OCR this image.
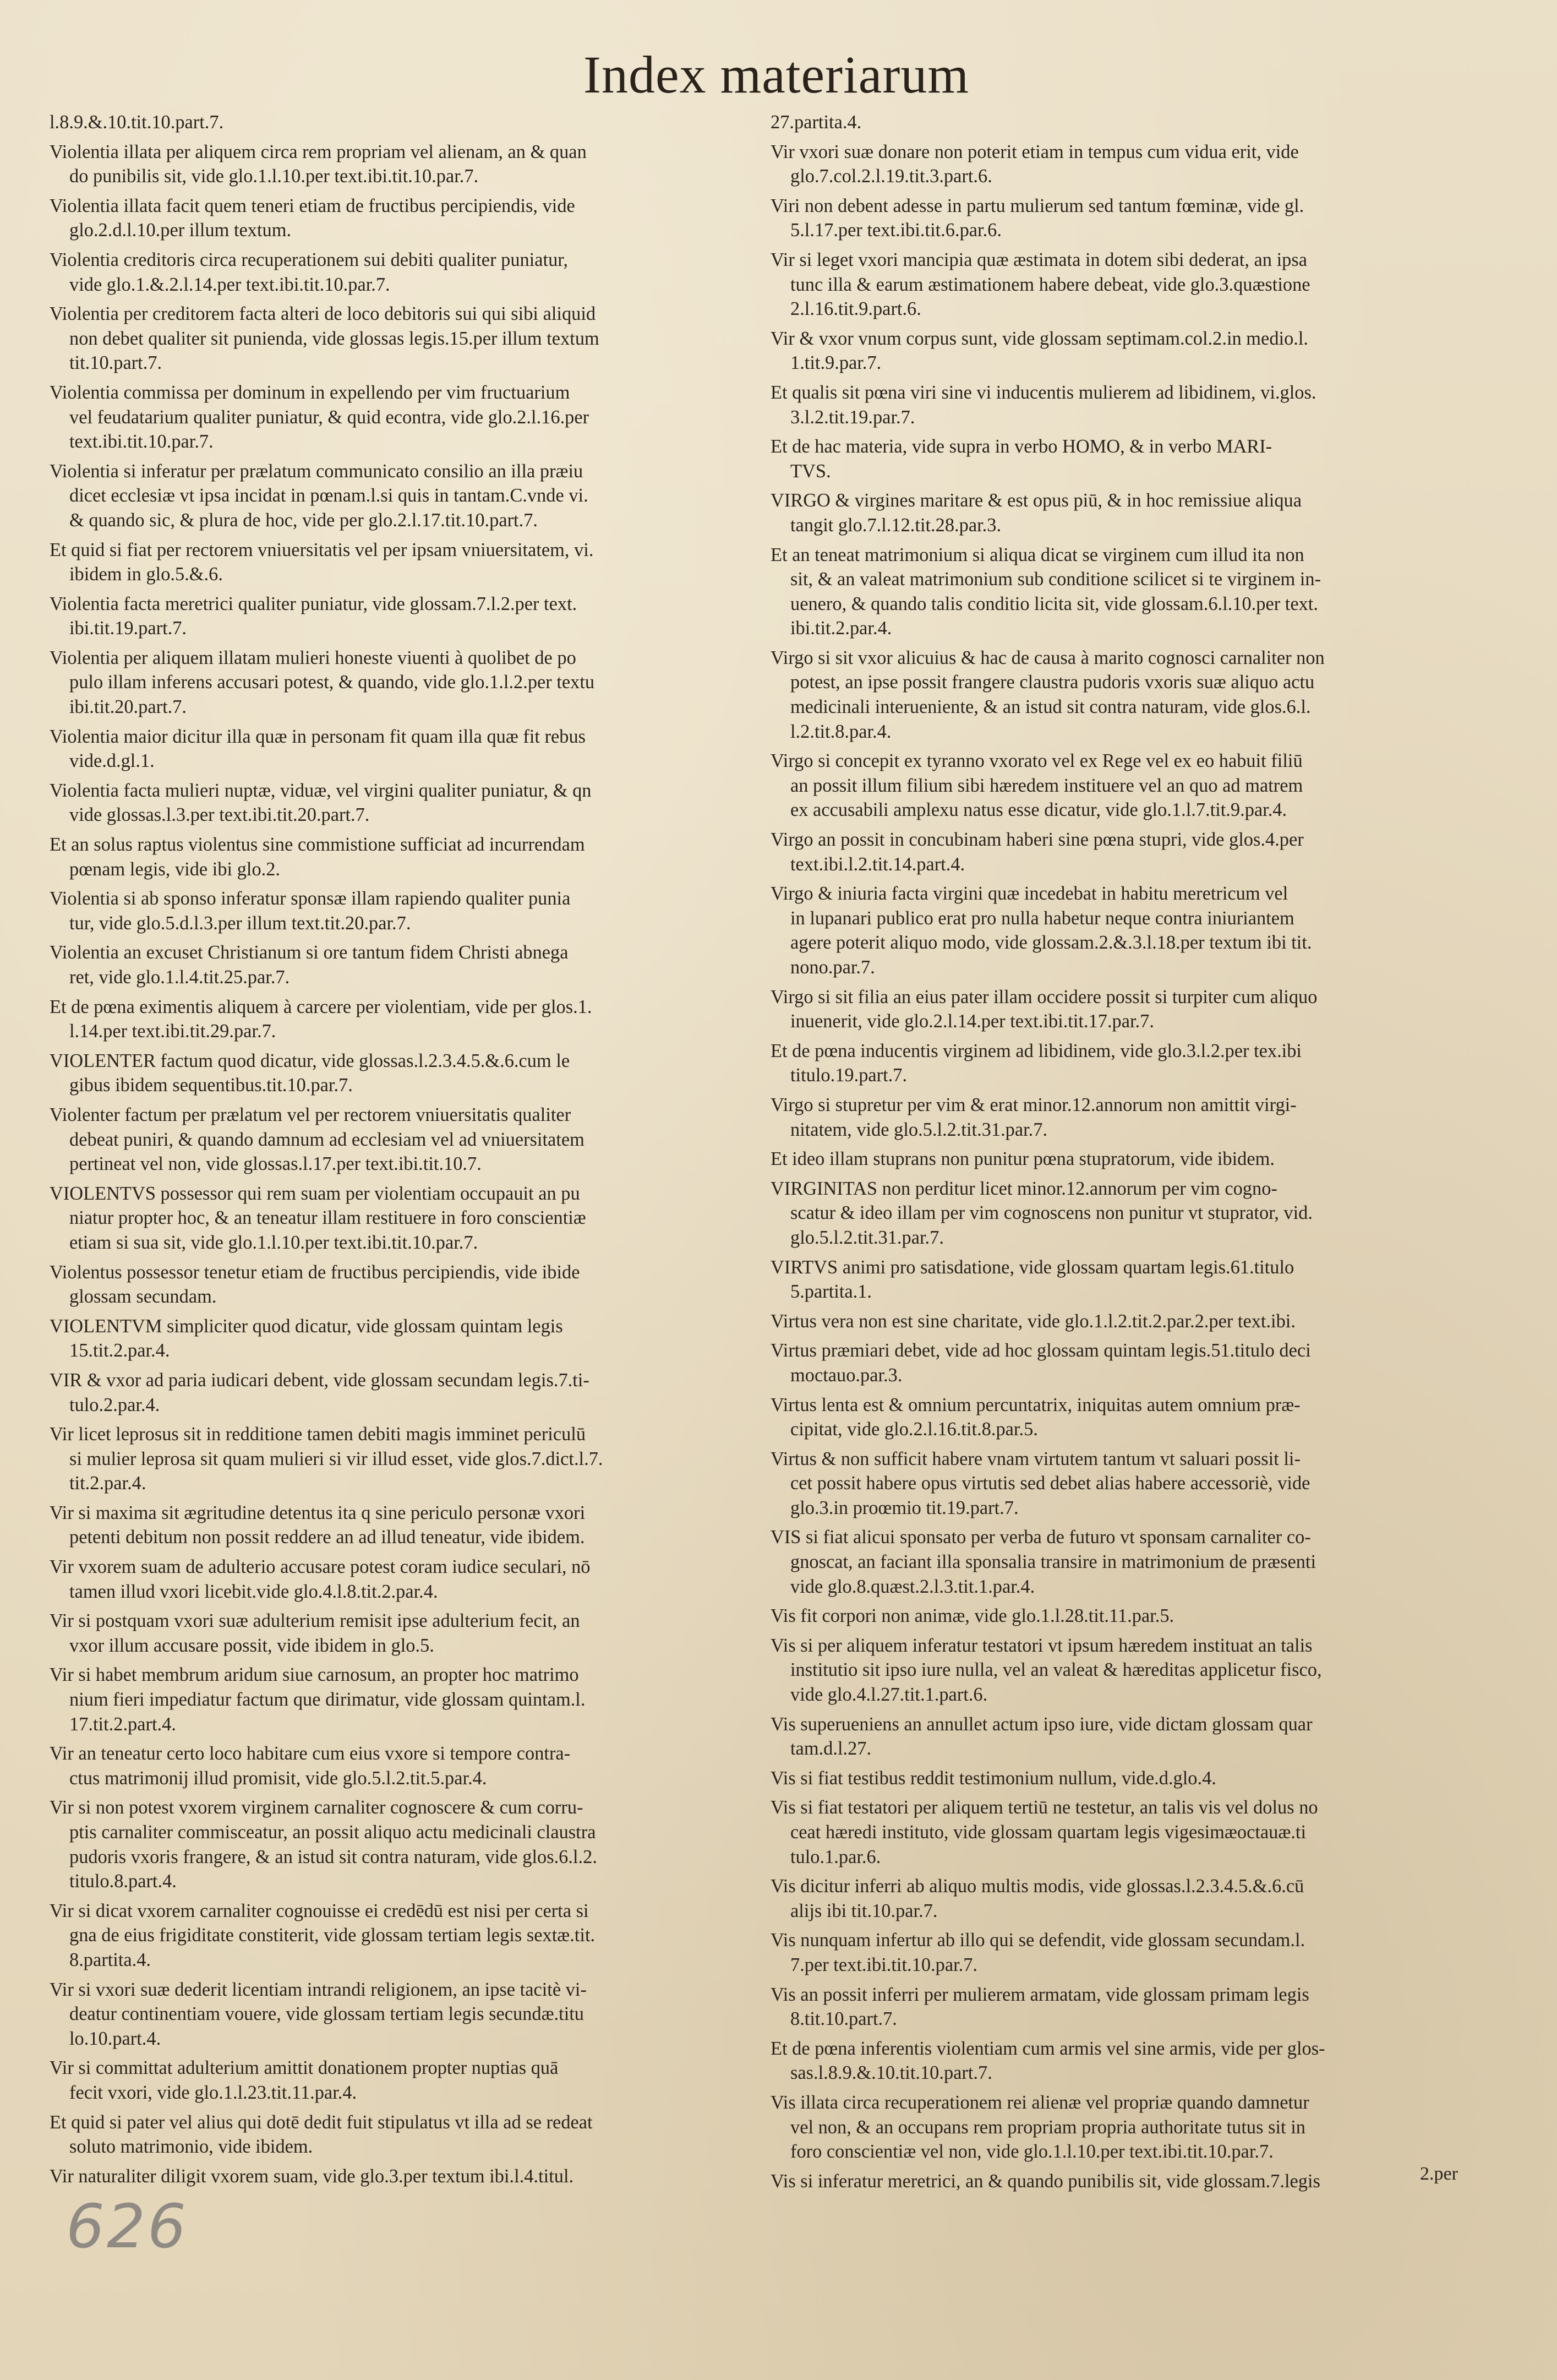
Index materiarum
l.8.9.&.10.tit.10.part.7.
Violentia illata per aliquem circa rem propriam vel alienam, an & quan
do punibilis sit, vide glo.1.l.10.per text.ibi.tit.10.par.7.
Violentia illata facit quem teneri etiam de fructibus percipiendis, vide
glo.2.d.l.10.per illum textum.
Violentia creditoris circa recuperationem sui debiti qualiter puniatur,
vide glo.1.&.2.l.14.per text.ibi.tit.10.par.7.
Violentia per creditorem facta alteri de loco debitoris sui qui sibi aliquid
non debet qualiter sit punienda, vide glossas legis.15.per illum textum
tit.10.part.7.
Violentia commissa per dominum in expellendo per vim fructuarium
vel feudatarium qualiter puniatur, & quid econtra, vide glo.2.l.16.per
text.ibi.tit.10.par.7.
Violentia si inferatur per prælatum communicato consilio an illa præiu
dicet ecclesiæ vt ipsa incidat in pœnam.l.si quis in tantam.C.vnde vi.
& quando sic, & plura de hoc, vide per glo.2.l.17.tit.10.part.7.
Et quid si fiat per rectorem vniuersitatis vel per ipsam vniuersitatem, vi.
ibidem in glo.5.&.6.
Violentia facta meretrici qualiter puniatur, vide glossam.7.l.2.per text.
ibi.tit.19.part.7.
Violentia per aliquem illatam mulieri honeste viuenti à quolibet de po
pulo illam inferens accusari potest, & quando, vide glo.1.l.2.per textu
ibi.tit.20.part.7.
Violentia maior dicitur illa quæ in personam fit quam illa quæ fit rebus
vide.d.gl.1.
Violentia facta mulieri nuptæ, viduæ, vel virgini qualiter puniatur, & qn
vide glossas.l.3.per text.ibi.tit.20.part.7.
Et an solus raptus violentus sine commistione sufficiat ad incurrendam
pœnam legis, vide ibi glo.2.
Violentia si ab sponso inferatur sponsæ illam rapiendo qualiter punia
tur, vide glo.5.d.l.3.per illum text.tit.20.par.7.
Violentia an excuset Christianum si ore tantum fidem Christi abnega
ret, vide glo.1.l.4.tit.25.par.7.
Et de pœna eximentis aliquem à carcere per violentiam, vide per glos.1.
l.14.per text.ibi.tit.29.par.7.
VIOLENTER factum quod dicatur, vide glossas.l.2.3.4.5.&.6.cum le
gibus ibidem sequentibus.tit.10.par.7.
Violenter factum per prælatum vel per rectorem vniuersitatis qualiter
debeat puniri, & quando damnum ad ecclesiam vel ad vniuersitatem
pertineat vel non, vide glossas.l.17.per text.ibi.tit.10.7.
VIOLENTVS possessor qui rem suam per violentiam occupauit an pu
niatur propter hoc, & an teneatur illam restituere in foro conscientiæ
etiam si sua sit, vide glo.1.l.10.per text.ibi.tit.10.par.7.
Violentus possessor tenetur etiam de fructibus percipiendis, vide ibide
glossam secundam.
VIOLENTVM simpliciter quod dicatur, vide glossam quintam legis
15.tit.2.par.4.
VIR & vxor ad paria iudicari debent, vide glossam secundam legis.7.ti-
tulo.2.par.4.
Vir licet leprosus sit in redditione tamen debiti magis imminet periculū
si mulier leprosa sit quam mulieri si vir illud esset, vide glos.7.dict.l.7.
tit.2.par.4.
Vir si maxima sit ægritudine detentus ita q sine periculo personæ vxori
petenti debitum non possit reddere an ad illud teneatur, vide ibidem.
Vir vxorem suam de adulterio accusare potest coram iudice seculari, nō
tamen illud vxori licebit.vide glo.4.l.8.tit.2.par.4.
Vir si postquam vxori suæ adulterium remisit ipse adulterium fecit, an
vxor illum accusare possit, vide ibidem in glo.5.
Vir si habet membrum aridum siue carnosum, an propter hoc matrimo
nium fieri impediatur factum que dirimatur, vide glossam quintam.l.
17.tit.2.part.4.
Vir an teneatur certo loco habitare cum eius vxore si tempore contra-
ctus matrimonij illud promisit, vide glo.5.l.2.tit.5.par.4.
Vir si non potest vxorem virginem carnaliter cognoscere & cum corru-
ptis carnaliter commisceatur, an possit aliquo actu medicinali claustra
pudoris vxoris frangere, & an istud sit contra naturam, vide glos.6.l.2.
titulo.8.part.4.
Vir si dicat vxorem carnaliter cognouisse ei credēdū est nisi per certa si
gna de eius frigiditate constiterit, vide glossam tertiam legis sextæ.tit.
8.partita.4.
Vir si vxori suæ dederit licentiam intrandi religionem, an ipse tacitè vi-
deatur continentiam vouere, vide glossam tertiam legis secundæ.titu
lo.10.part.4.
Vir si committat adulterium amittit donationem propter nuptias quā
fecit vxori, vide glo.1.l.23.tit.11.par.4.
Et quid si pater vel alius qui dotē dedit fuit stipulatus vt illa ad se redeat
soluto matrimonio, vide ibidem.
Vir naturaliter diligit vxorem suam, vide glo.3.per textum ibi.l.4.titul.
27.partita.4.
Vir vxori suæ donare non poterit etiam in tempus cum vidua erit, vide
glo.7.col.2.l.19.tit.3.part.6.
Viri non debent adesse in partu mulierum sed tantum fœminæ, vide gl.
5.l.17.per text.ibi.tit.6.par.6.
Vir si leget vxori mancipia quæ æstimata in dotem sibi dederat, an ipsa
tunc illa & earum æstimationem habere debeat, vide glo.3.quæstione
2.l.16.tit.9.part.6.
Vir & vxor vnum corpus sunt, vide glossam septimam.col.2.in medio.l.
1.tit.9.par.7.
Et qualis sit pœna viri sine vi inducentis mulierem ad libidinem, vi.glos.
3.l.2.tit.19.par.7.
Et de hac materia, vide supra in verbo HOMO, & in verbo MARI-
TVS.
VIRGO & virgines maritare & est opus piū, & in hoc remissiue aliqua
tangit glo.7.l.12.tit.28.par.3.
Et an teneat matrimonium si aliqua dicat se virginem cum illud ita non
sit, & an valeat matrimonium sub conditione scilicet si te virginem in-
uenero, & quando talis conditio licita sit, vide glossam.6.l.10.per text.
ibi.tit.2.par.4.
Virgo si sit vxor alicuius & hac de causa à marito cognosci carnaliter non
potest, an ipse possit frangere claustra pudoris vxoris suæ aliquo actu
medicinali interueniente, & an istud sit contra naturam, vide glos.6.l.
l.2.tit.8.par.4.
Virgo si concepit ex tyranno vxorato vel ex Rege vel ex eo habuit filiū
an possit illum filium sibi hæredem instituere vel an quo ad matrem
ex accusabili amplexu natus esse dicatur, vide glo.1.l.7.tit.9.par.4.
Virgo an possit in concubinam haberi sine pœna stupri, vide glos.4.per
text.ibi.l.2.tit.14.part.4.
Virgo & iniuria facta virgini quæ incedebat in habitu meretricum vel
in lupanari publico erat pro nulla habetur neque contra iniuriantem
agere poterit aliquo modo, vide glossam.2.&.3.l.18.per textum ibi tit.
nono.par.7.
Virgo si sit filia an eius pater illam occidere possit si turpiter cum aliquo
inuenerit, vide glo.2.l.14.per text.ibi.tit.17.par.7.
Et de pœna inducentis virginem ad libidinem, vide glo.3.l.2.per tex.ibi
titulo.19.part.7.
Virgo si stupretur per vim & erat minor.12.annorum non amittit virgi-
nitatem, vide glo.5.l.2.tit.31.par.7.
Et ideo illam stuprans non punitur pœna stupratorum, vide ibidem.
VIRGINITAS non perditur licet minor.12.annorum per vim cogno-
scatur & ideo illam per vim cognoscens non punitur vt stuprator, vid.
glo.5.l.2.tit.31.par.7.
VIRTVS animi pro satisdatione, vide glossam quartam legis.61.titulo
5.partita.1.
Virtus vera non est sine charitate, vide glo.1.l.2.tit.2.par.2.per text.ibi.
Virtus præmiari debet, vide ad hoc glossam quintam legis.51.titulo deci
moctauo.par.3.
Virtus lenta est & omnium percuntatrix, iniquitas autem omnium præ-
cipitat, vide glo.2.l.16.tit.8.par.5.
Virtus & non sufficit habere vnam virtutem tantum vt saluari possit li-
cet possit habere opus virtutis sed debet alias habere accessoriè, vide
glo.3.in proœmio tit.19.part.7.
VIS si fiat alicui sponsato per verba de futuro vt sponsam carnaliter co-
gnoscat, an faciant illa sponsalia transire in matrimonium de præsenti
vide glo.8.quæst.2.l.3.tit.1.par.4.
Vis fit corpori non animæ, vide glo.1.l.28.tit.11.par.5.
Vis si per aliquem inferatur testatori vt ipsum hæredem instituat an talis
institutio sit ipso iure nulla, vel an valeat & hæreditas applicetur fisco,
vide glo.4.l.27.tit.1.part.6.
Vis superueniens an annullet actum ipso iure, vide dictam glossam quar
tam.d.l.27.
Vis si fiat testibus reddit testimonium nullum, vide.d.glo.4.
Vis si fiat testatori per aliquem tertiū ne testetur, an talis vis vel dolus no
ceat hæredi instituto, vide glossam quartam legis vigesimæoctauæ.ti
tulo.1.par.6.
Vis dicitur inferri ab aliquo multis modis, vide glossas.l.2.3.4.5.&.6.cū
alijs ibi tit.10.par.7.
Vis nunquam infertur ab illo qui se defendit, vide glossam secundam.l.
7.per text.ibi.tit.10.par.7.
Vis an possit inferri per mulierem armatam, vide glossam primam legis
8.tit.10.part.7.
Et de pœna inferentis violentiam cum armis vel sine armis, vide per glos-
sas.l.8.9.&.10.tit.10.part.7.
Vis illata circa recuperationem rei alienæ vel propriæ quando damnetur
vel non, & an occupans rem propriam propria authoritate tutus sit in
foro conscientiæ vel non, vide glo.1.l.10.per text.ibi.tit.10.par.7.
Vis si inferatur meretrici, an & quando punibilis sit, vide glossam.7.legis	2.per
626
